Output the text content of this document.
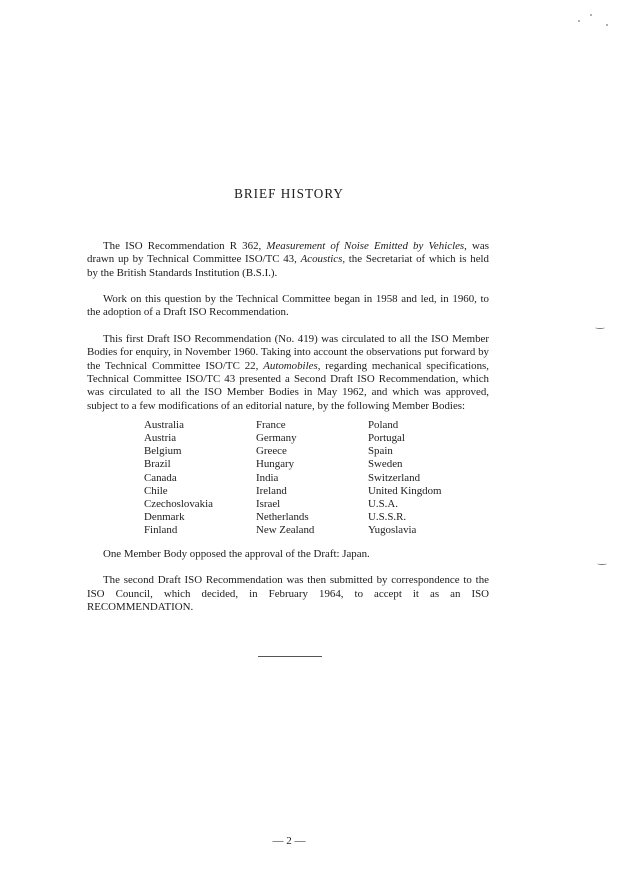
BRIEF HISTORY

The ISO Recommendation R 362, Measurement of Noise Emitted by Vehicles, was drawn up by Technical Committee ISO/TC 43, Acoustics, the Secretariat of which is held by the British Standards Institution (B.S.I.).

Work on this question by the Technical Committee began in 1958 and led, in 1960, to the adoption of a Draft ISO Recommendation.

This first Draft ISO Recommendation (No. 419) was circulated to all the ISO Member Bodies for enquiry, in November 1960. Taking into account the observations put forward by the Technical Committee ISO/TC 22, Automobiles, regarding mechanical specifications, Technical Committee ISO/TC 43 presented a Second Draft ISO Recommendation, which was circulated to all the ISO Member Bodies in May 1962, and which was approved, subject to a few modifications of an editorial nature, by the following Member Bodies:

Australia	France	Poland
Austria	Germany	Portugal
Belgium	Greece	Spain
Brazil	Hungary	Sweden
Canada	India	Switzerland
Chile	Ireland	United Kingdom
Czechoslovakia	Israel	U.S.A.
Denmark	Netherlands	U.S.S.R.
Finland	New Zealand	Yugoslavia

One Member Body opposed the approval of the Draft: Japan.

The second Draft ISO Recommendation was then submitted by correspondence to the ISO Council, which decided, in February 1964, to accept it as an ISO RECOMMENDATION.

— 2 —
